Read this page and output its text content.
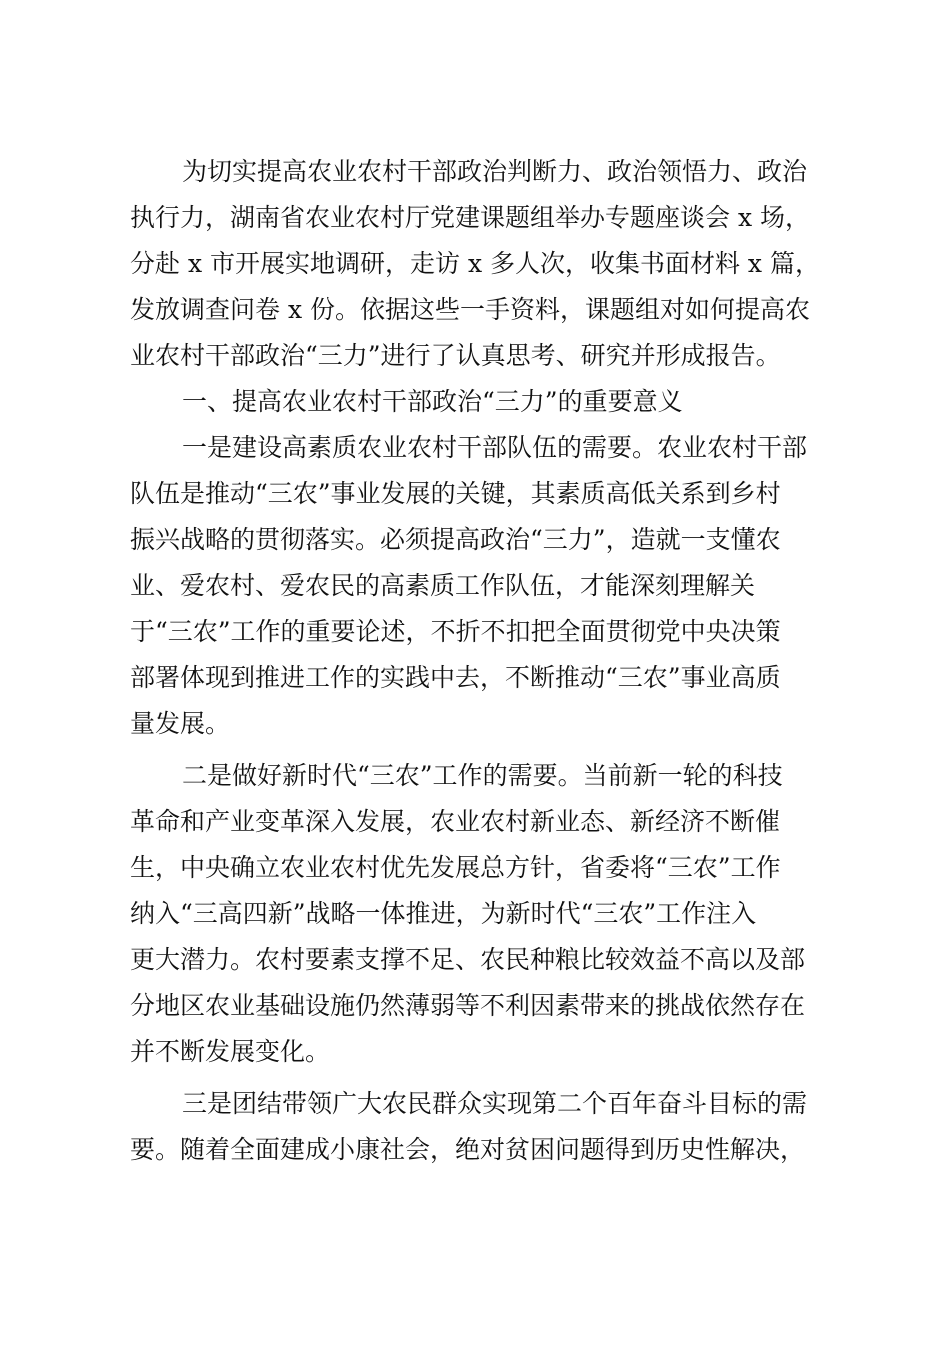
为切实提高农业农村干部政治判断力、政治领悟力、政治

执行力，湖南省农业农村厅党建课题组举办专题座谈会 x 场，

分赴 x 市开展实地调研，走访 x 多人次，收集书面材料 x 篇，

发放调查问卷 x 份。依据这些一手资料，课题组对如何提高农

业农村干部政治“三力”进行了认真思考、研究并形成报告。

一、提高农业农村干部政治“三力”的重要意义

一是建设高素质农业农村干部队伍的需要。农业农村干部

队伍是推动“三农”事业发展的关键，其素质高低关系到乡村

振兴战略的贯彻落实。必须提高政治“三力”，造就一支懂农

业、爱农村、爱农民的高素质工作队伍，才能深刻理解关

于“三农”工作的重要论述，不折不扣把全面贯彻党中央决策

部署体现到推进工作的实践中去，不断推动“三农”事业高质

量发展。

二是做好新时代“三农”工作的需要。当前新一轮的科技

革命和产业变革深入发展，农业农村新业态、新经济不断催

生，中央确立农业农村优先发展总方针，省委将“三农”工作

纳入“三高四新”战略一体推进，为新时代“三农”工作注入

更大潜力。农村要素支撑不足、农民种粮比较效益不高以及部

分地区农业基础设施仍然薄弱等不利因素带来的挑战依然存在

并不断发展变化。

三是团结带领广大农民群众实现第二个百年奋斗目标的需

要。随着全面建成小康社会，绝对贫困问题得到历史性解决，
